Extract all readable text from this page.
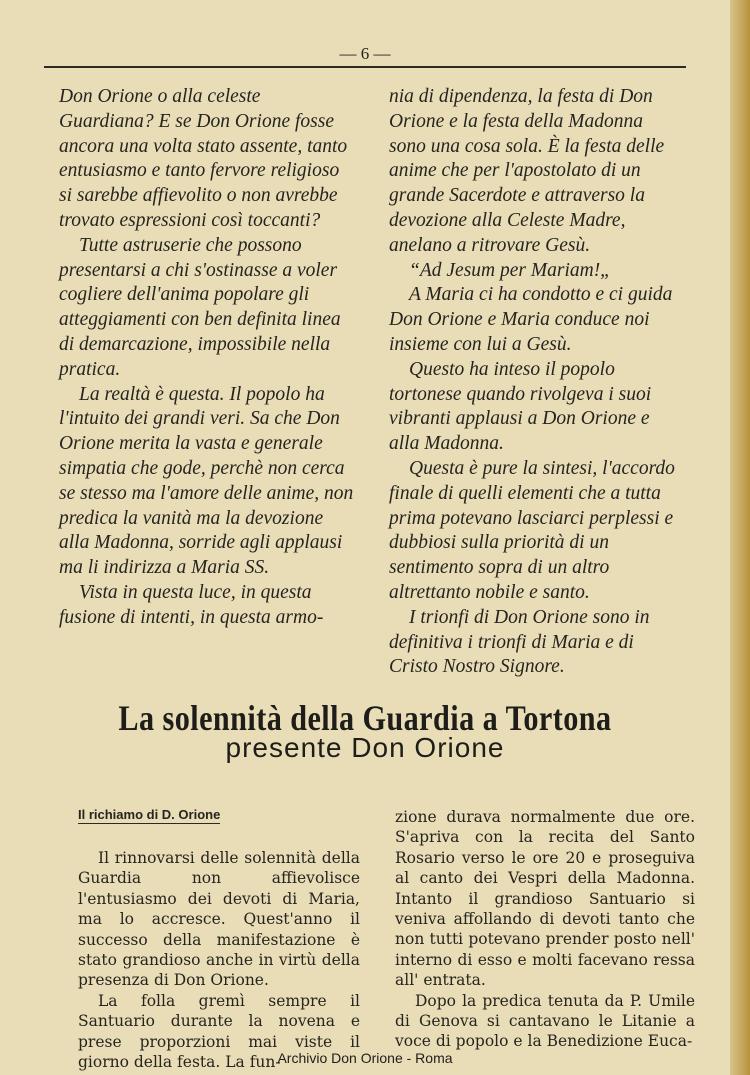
— 6 —

Don Orione o alla celeste Guardiana? E se Don Orione fosse ancora una volta stato assente, tanto entusiasmo e tanto fervore religioso si sarebbe affievolito o non avrebbe trovato espressioni così toccanti?

Tutte astruserie che possono presentarsi a chi s'ostinasse a voler cogliere dell'anima popolare gli atteggiamenti con ben definita linea di demarcazione, impossibile nella pratica.

La realtà è questa. Il popolo ha l'intuito dei grandi veri. Sa che Don Orione merita la vasta e generale simpatia che gode, perchè non cerca se stesso ma l'amore delle anime, non predica la vanità ma la devozione alla Madonna, sorride agli applausi ma li indirizza a Maria SS.

Vista in questa luce, in questa fusione di intenti, in questa armo-

nia di dipendenza, la festa di Don Orione e la festa della Madonna sono una cosa sola. È la festa delle anime che per l'apostolato di un grande Sacerdote e attraverso la devozione alla Celeste Madre, anelano a ritrovare Gesù.

“Ad Jesum per Mariam!„

A Maria ci ha condotto e ci guida Don Orione e Maria conduce noi insieme con lui a Gesù.

Questo ha inteso il popolo tortonese quando rivolgeva i suoi vibranti applausi a Don Orione e alla Madonna.

Questa è pure la sintesi, l'accordo finale di quelli elementi che a tutta prima potevano lasciarci perplessi e dubbiosi sulla priorità di un sentimento sopra di un altro altrettanto nobile e santo.

I trionfi di Don Orione sono in definitiva i trionfi di Maria e di Cristo Nostro Signore.

La solennità della Guardia a Tortona
presente Don Orione
Il richiamo di D. Orione

Il rinnovarsi delle solennità della Guardia non affievolisce l'entusiasmo dei devoti di Maria, ma lo accresce. Quest'anno il successo della manifestazione è stato grandioso anche in virtù della presenza di Don Orione.

La folla gremì sempre il Santuario durante la novena e prese proporzioni mai viste il giorno della festa. La fun-

zione durava normalmente due ore. S'apriva con la recita del Santo Rosario verso le ore 20 e proseguiva al canto dei Vespri della Madonna. Intanto il grandioso Santuario si veniva affollando di devoti tanto che non tutti potevano prender posto nell' interno di esso e molti facevano ressa all' entrata.

Dopo la predica tenuta da P. Umile di Genova si cantavano le Litanie a voce di popolo e la Benedizione Euca-

Archivio Don Orione - Roma
